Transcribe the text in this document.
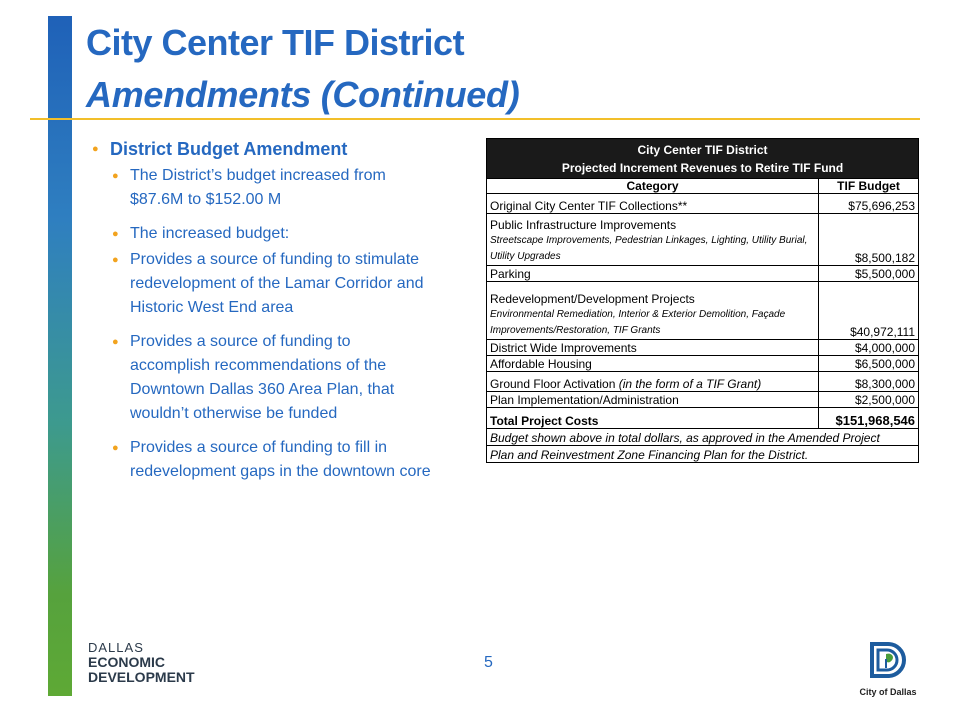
City Center TIF District
Amendments (Continued)
● District Budget Amendment
● The District’s budget increased from $87.6M to $152.00 M
● The increased budget:
● Provides a source of funding to stimulate redevelopment of the Lamar Corridor and Historic West End area
● Provides a source of funding to accomplish recommendations of the Downtown Dallas 360 Area Plan, that wouldn’t otherwise be funded
● Provides a source of funding to fill in redevelopment gaps in the downtown core
City Center TIF District
Projected Increment Revenues to Retire TIF Fund	
Category	TIF Budget
Original City Center TIF Collections**	$75,696,253

Public Infrastructure Improvements
Streetscape Improvements, Pedestrian Linkages, Lighting, Utility Burial, Utility Upgrades	$8,500,182
Parking	$5,500,000

Redevelopment/Development Projects
Environmental Remediation, Interior & Exterior Demolition, Façade Improvements/Restoration, TIF Grants	$40,972,111
District Wide Improvements	$4,000,000
Affordable Housing	$6,500,000
Ground Floor Activation (in the form of a TIF Grant)	$8,300,000
Plan Implementation/Administration	$2,500,000
Total Project Costs	$151,968,546
Budget shown above in total dollars, as approved in the Amended Project	
Plan and Reinvestment Zone Financing Plan for the District.	
DALLAS
ECONOMIC
DEVELOPMENT
5
City of Dallas
